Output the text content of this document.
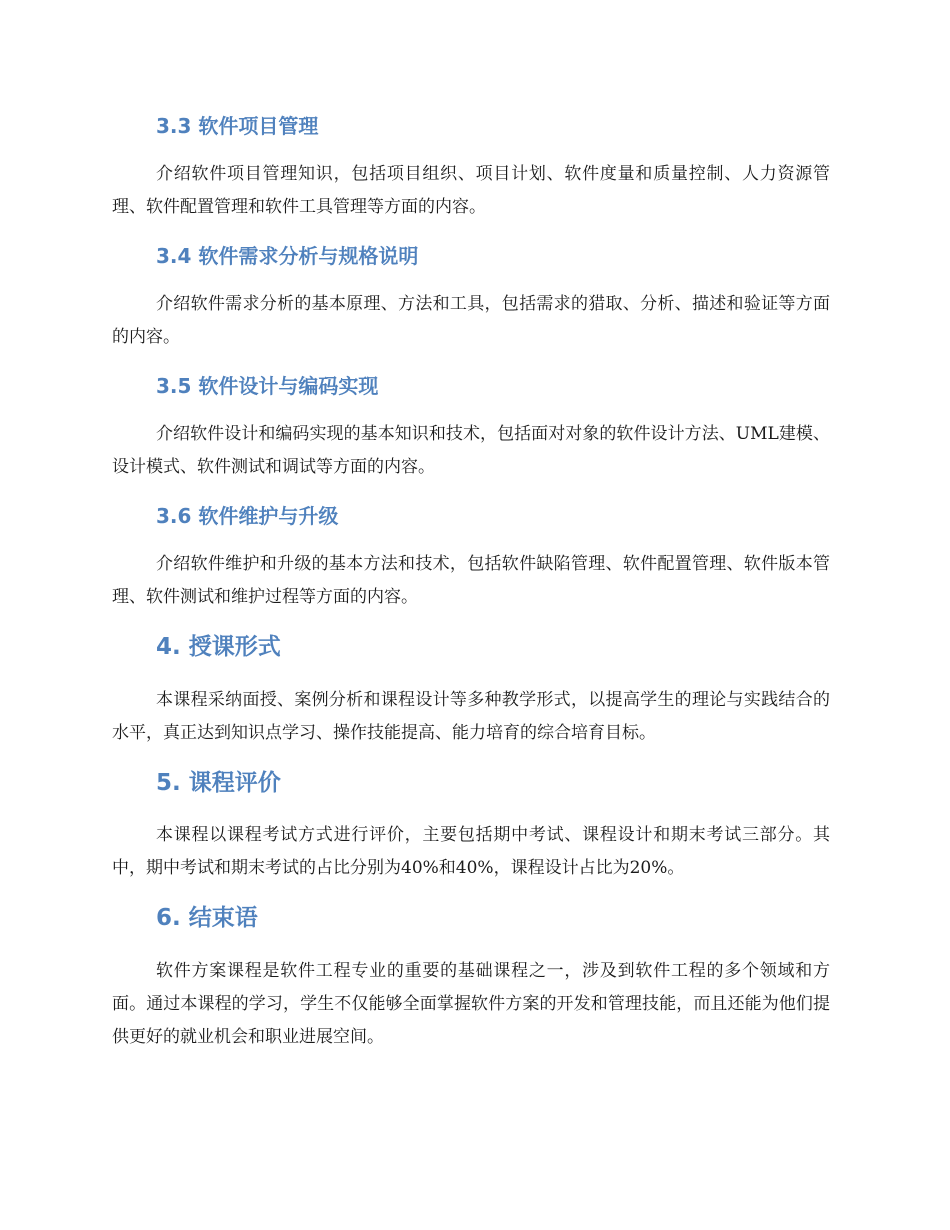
3.3 软件项目管理
介绍软件项目管理知识，包括项目组织、项目计划、软件度量和质量控制、人力资源管理、软件配置管理和软件工具管理等方面的内容。
3.4 软件需求分析与规格说明
介绍软件需求分析的基本原理、方法和工具，包括需求的猎取、分析、描述和验证等方面的内容。
3.5 软件设计与编码实现
介绍软件设计和编码实现的基本知识和技术，包括面对对象的软件设计方法、UML建模、设计模式、软件测试和调试等方面的内容。
3.6 软件维护与升级
介绍软件维护和升级的基本方法和技术，包括软件缺陷管理、软件配置管理、软件版本管理、软件测试和维护过程等方面的内容。
4. 授课形式
本课程采纳面授、案例分析和课程设计等多种教学形式，以提高学生的理论与实践结合的水平，真正达到知识点学习、操作技能提高、能力培育的综合培育目标。
5. 课程评价
本课程以课程考试方式进行评价，主要包括期中考试、课程设计和期末考试三部分。其中，期中考试和期末考试的占比分别为40%和40%，课程设计占比为20%。
6. 结束语
软件方案课程是软件工程专业的重要的基础课程之一，涉及到软件工程的多个领域和方面。通过本课程的学习，学生不仅能够全面掌握软件方案的开发和管理技能，而且还能为他们提供更好的就业机会和职业进展空间。
